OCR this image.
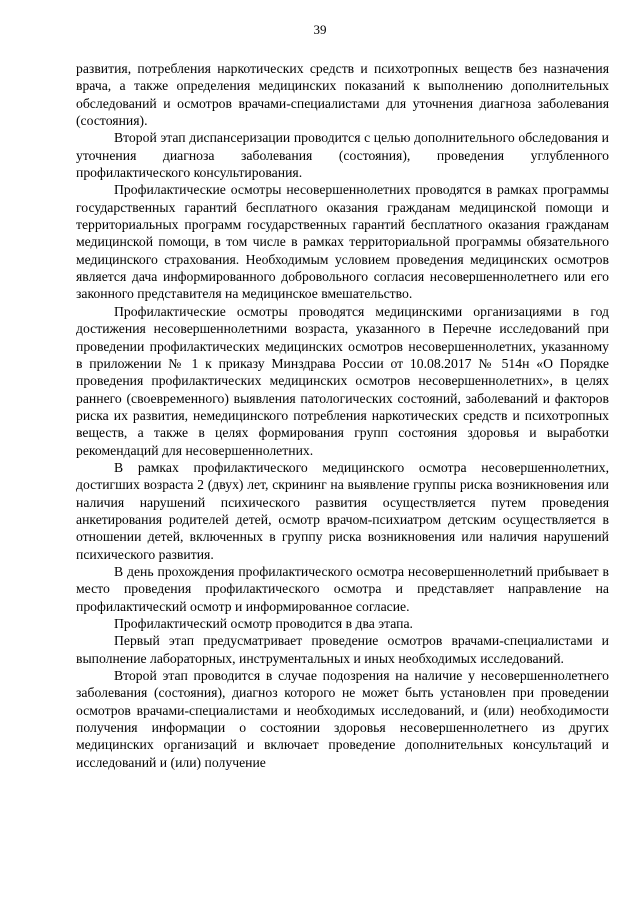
39

развития, потребления наркотических средств и психотропных веществ без назначения врача, а также определения медицинских показаний к выполнению дополнительных обследований и осмотров врачами-специалистами для уточнения диагноза заболевания (состояния).

Второй этап диспансеризации проводится с целью дополнительного обследования и уточнения диагноза заболевания (состояния), проведения углубленного профилактического консультирования.

Профилактические осмотры несовершеннолетних проводятся в рамках программы государственных гарантий бесплатного оказания гражданам медицинской помощи и территориальных программ государственных гарантий бесплатного оказания гражданам медицинской помощи, в том числе в рамках территориальной программы обязательного медицинского страхования. Необходимым условием проведения медицинских осмотров является дача информированного добровольного согласия несовершеннолетнего или его законного представителя на медицинское вмешательство.

Профилактические осмотры проводятся медицинскими организациями в год достижения несовершеннолетними возраста, указанного в Перечне исследований при проведении профилактических медицинских осмотров несовершеннолетних, указанному в приложении № 1 к приказу Минздрава России от 10.08.2017 № 514н «О Порядке проведения профилактических медицинских осмотров несовершеннолетних», в целях раннего (своевременного) выявления патологических состояний, заболеваний и факторов риска их развития, немедицинского потребления наркотических средств и психотропных веществ, а также в целях формирования групп состояния здоровья и выработки рекомендаций для несовершеннолетних.

В рамках профилактического медицинского осмотра несовершеннолетних, достигших возраста 2 (двух) лет, скрининг на выявление группы риска возникновения или наличия нарушений психического развития осуществляется путем проведения анкетирования родителей детей, осмотр врачом-психиатром детским осуществляется в отношении детей, включенных в группу риска возникновения или наличия нарушений психического развития.

В день прохождения профилактического осмотра несовершеннолетний прибывает в место проведения профилактического осмотра и представляет направление на профилактический осмотр и информированное согласие.

Профилактический осмотр проводится в два этапа.

Первый этап предусматривает проведение осмотров врачами-специалистами и выполнение лабораторных, инструментальных и иных необходимых исследований.

Второй этап проводится в случае подозрения на наличие у несовершеннолетнего заболевания (состояния), диагноз которого не может быть установлен при проведении осмотров врачами-специалистами и необходимых исследований, и (или) необходимости получения информации о состоянии здоровья несовершеннолетнего из других медицинских организаций и включает проведение дополнительных консультаций и исследований и (или) получение
